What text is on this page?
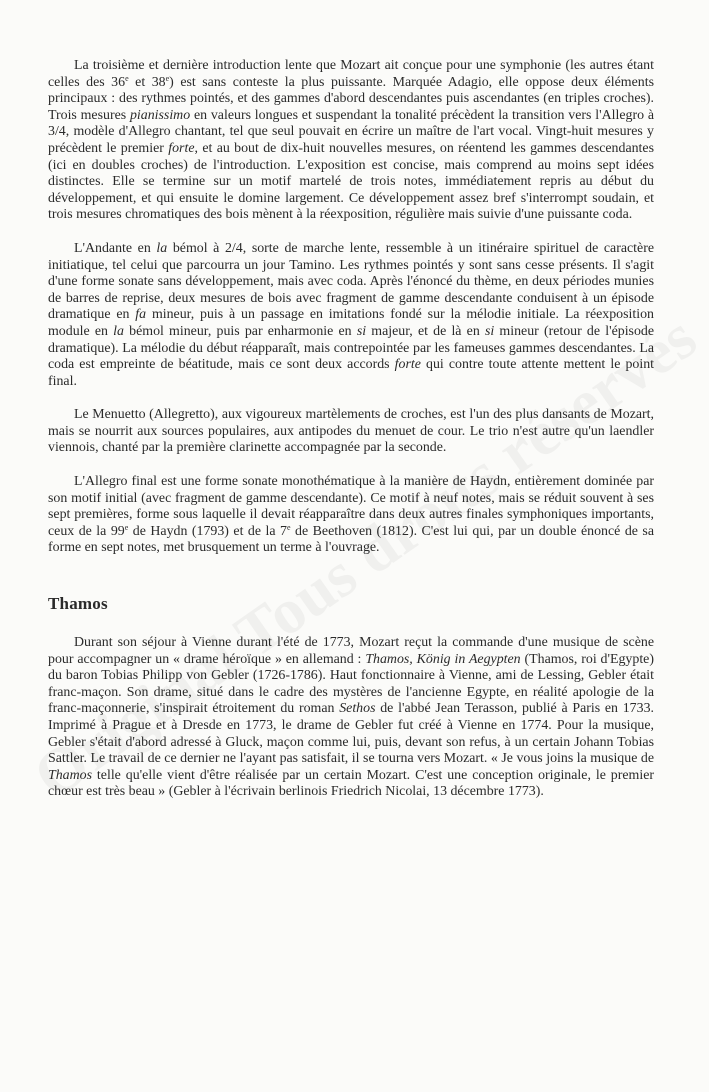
La troisième et dernière introduction lente que Mozart ait conçue pour une symphonie (les autres étant celles des 36e et 38e) est sans conteste la plus puissante. Marquée Adagio, elle oppose deux éléments principaux : des rythmes pointés, et des gammes d'abord descendantes puis ascendantes (en triples croches). Trois mesures pianissimo en valeurs longues et suspendant la tonalité précèdent la transition vers l'Allegro à 3/4, modèle d'Allegro chantant, tel que seul pouvait en écrire un maître de l'art vocal. Vingt-huit mesures y précèdent le premier forte, et au bout de dix-huit nouvelles mesures, on réentend les gammes descendantes (ici en doubles croches) de l'introduction. L'exposition est concise, mais comprend au moins sept idées distinctes. Elle se termine sur un motif martelé de trois notes, immédiatement repris au début du développement, et qui ensuite le domine largement. Ce développement assez bref s'interrompt soudain, et trois mesures chromatiques des bois mènent à la réexposition, régulière mais suivie d'une puissante coda.

L'Andante en la bémol à 2/4, sorte de marche lente, ressemble à un itinéraire spirituel de caractère initiatique, tel celui que parcourra un jour Tamino. Les rythmes pointés y sont sans cesse présents. Il s'agit d'une forme sonate sans développement, mais avec coda. Après l'énoncé du thème, en deux périodes munies de barres de reprise, deux mesures de bois avec fragment de gamme descendante conduisent à un épisode dramatique en fa mineur, puis à un passage en imitations fondé sur la mélodie initiale. La réexposition module en la bémol mineur, puis par enharmonie en si majeur, et de là en si mineur (retour de l'épisode dramatique). La mélodie du début réapparaît, mais contrepointée par les fameuses gammes descendantes. La coda est empreinte de béatitude, mais ce sont deux accords forte qui contre toute attente mettent le point final.

Le Menuetto (Allegretto), aux vigoureux martèlements de croches, est l'un des plus dansants de Mozart, mais se nourrit aux sources populaires, aux antipodes du menuet de cour. Le trio n'est autre qu'un laendler viennois, chanté par la première clarinette accompagnée par la seconde.

L'Allegro final est une forme sonate monothématique à la manière de Haydn, entièrement dominée par son motif initial (avec fragment de gamme descendante). Ce motif à neuf notes, mais se réduit souvent à ses sept premières, forme sous laquelle il devait réapparaître dans deux autres finales symphoniques importants, ceux de la 99e de Haydn (1793) et de la 7e de Beethoven (1812). C'est lui qui, par un double énoncé de sa forme en sept notes, met brusquement un terme à l'ouvrage.

Thamos

Durant son séjour à Vienne durant l'été de 1773, Mozart reçut la commande d'une musique de scène pour accompagner un « drame héroïque » en allemand : Thamos, König in Aegypten (Thamos, roi d'Egypte) du baron Tobias Philipp von Gebler (1726-1786). Haut fonctionnaire à Vienne, ami de Lessing, Gebler était franc-maçon. Son drame, situé dans le cadre des mystères de l'ancienne Egypte, en réalité apologie de la franc-maçonnerie, s'inspirait étroitement du roman Sethos de l'abbé Jean Terasson, publié à Paris en 1733. Imprimé à Prague et à Dresde en 1773, le drame de Gebler fut créé à Vienne en 1774. Pour la musique, Gebler s'était d'abord adressé à Gluck, maçon comme lui, puis, devant son refus, à un certain Johann Tobias Sattler. Le travail de ce dernier ne l'ayant pas satisfait, il se tourna vers Mozart. « Je vous joins la musique de Thamos telle qu'elle vient d'être réalisée par un certain Mozart. C'est une conception originale, le premier chœur est très beau » (Gebler à l'écrivain berlinois Friedrich Nicolai, 13 décembre 1773).
